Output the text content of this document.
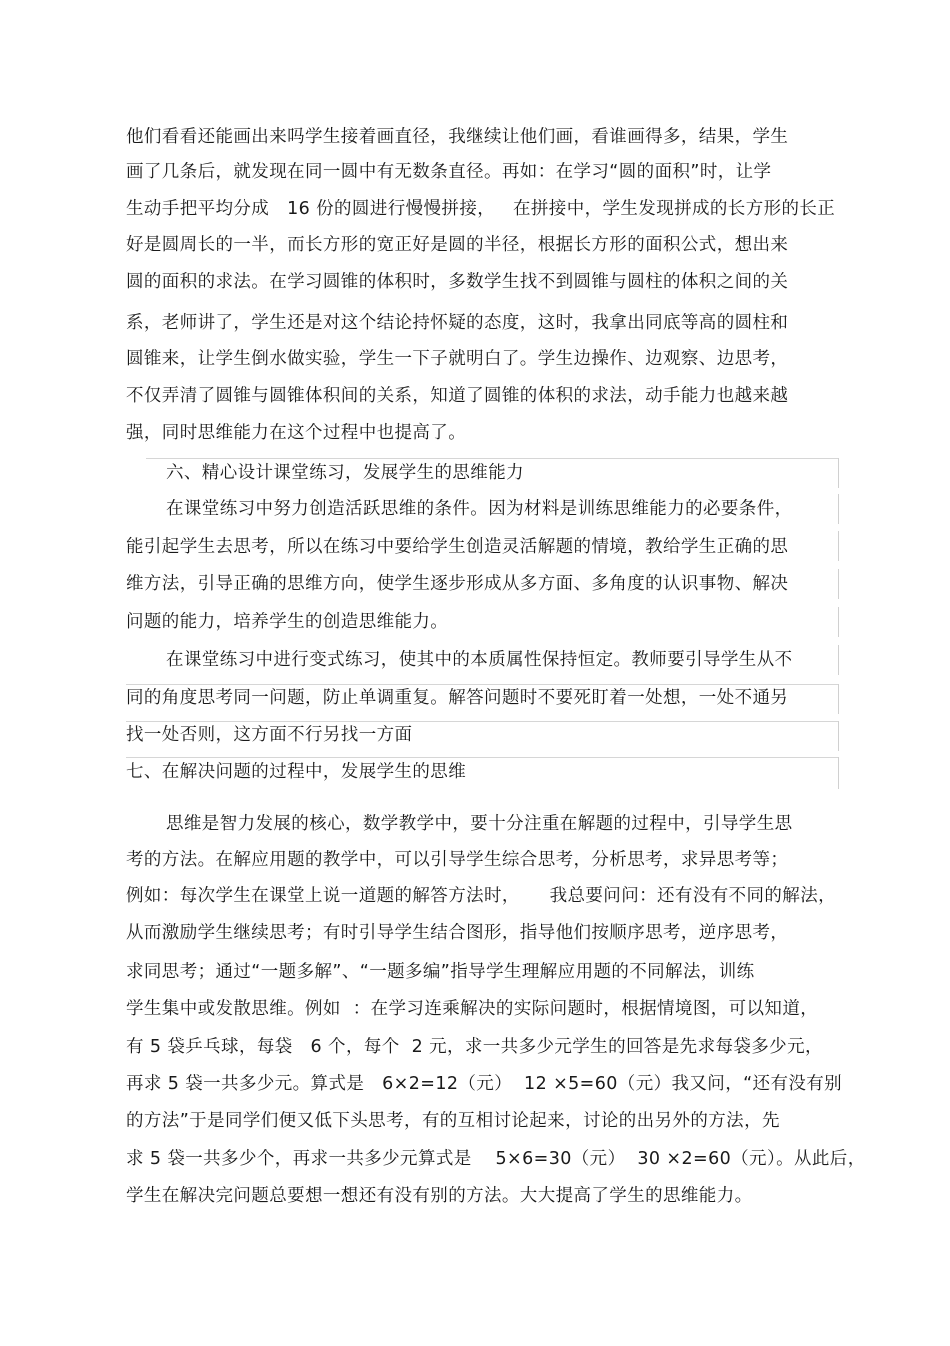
他们看看还能画出来吗学生接着画直径，我继续让他们画，看谁画得多，结果，学生
画了几条后，就发现在同一圆中有无数条直径。再如：在学习“圆的面积”时，让学
生动手把平均分成   16 份的圆进行慢慢拼接，   在拼接中，学生发现拼成的长方形的长正
好是圆周长的一半，而长方形的宽正好是圆的半径，根据长方形的面积公式，想出来
圆的面积的求法。在学习圆锥的体积时，多数学生找不到圆锥与圆柱的体积之间的关
系，老师讲了，学生还是对这个结论持怀疑的态度，这时，我拿出同底等高的圆柱和
圆锥来，让学生倒水做实验，学生一下子就明白了。学生边操作、边观察、边思考，
不仅弄清了圆锥与圆锥体积间的关系，知道了圆锥的体积的求法，动手能力也越来越
强，同时思维能力在这个过程中也提高了。
六、精心设计课堂练习，发展学生的思维能力
在课堂练习中努力创造活跃思维的条件。因为材料是训练思维能力的必要条件，
能引起学生去思考，所以在练习中要给学生创造灵活解题的情境，教给学生正确的思
维方法，引导正确的思维方向，使学生逐步形成从多方面、多角度的认识事物、解决
问题的能力，培养学生的创造思维能力。
在课堂练习中进行变式练习，使其中的本质属性保持恒定。教师要引导学生从不
同的角度思考同一问题，防止单调重复。解答问题时不要死盯着一处想，一处不通另
找一处否则，这方面不行另找一方面
七、在解决问题的过程中，发展学生的思维
思维是智力发展的核心，数学教学中，要十分注重在解题的过程中，引导学生思
考的方法。在解应用题的教学中，可以引导学生综合思考，分析思考，求异思考等；
例如：每次学生在课堂上说一道题的解答方法时，     我总要问问：还有没有不同的解法，
从而激励学生继续思考；有时引导学生结合图形，指导他们按顺序思考，逆序思考，
求同思考；通过“一题多解”、“一题多编”指导学生理解应用题的不同解法，训练
学生集中或发散思维。例如  ：在学习连乘解决的实际问题时，根据情境图，可以知道，
有 5 袋乒乓球，每袋   6 个，每个  2 元，求一共多少元学生的回答是先求每袋多少元，
再求 5 袋一共多少元。算式是   6×2=12（元）  12 ×5=60（元）我又问，“还有没有别
的方法”于是同学们便又低下头思考，有的互相讨论起来，讨论的出另外的方法，先
求 5 袋一共多少个，再求一共多少元算式是    5×6=30（元）  30 ×2=60（元）。从此后，
学生在解决完问题总要想一想还有没有别的方法。大大提高了学生的思维能力。
